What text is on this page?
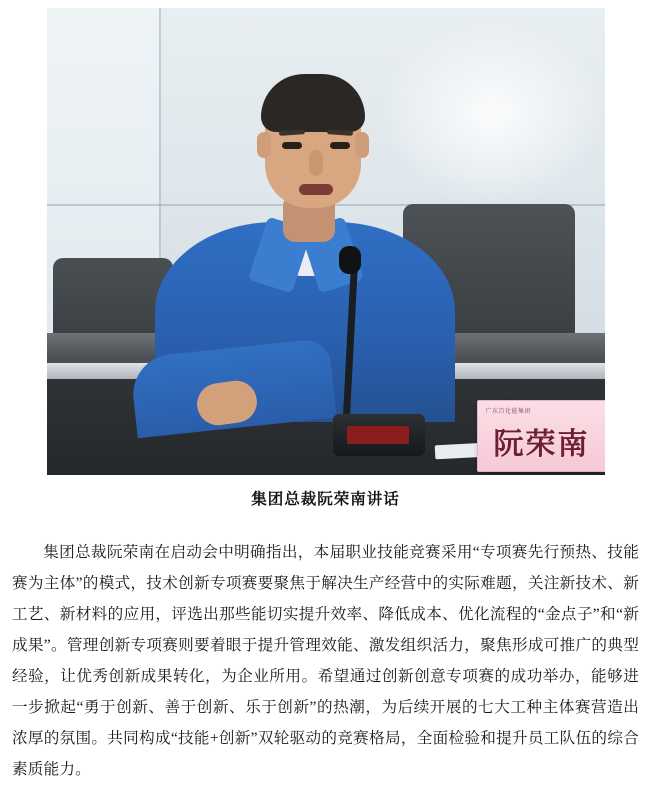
广东百化能集团
阮荣南
集团总裁阮荣南讲话

集团总裁阮荣南在启动会中明确指出，本届职业技能竞赛采用“专项赛先行预热、技能赛为主体”的模式，技术创新专项赛要聚焦于解决生产经营中的实际难题，关注新技术、新工艺、新材料的应用，评选出那些能切实提升效率、降低成本、优化流程的“金点子”和“新成果”。管理创新专项赛则要着眼于提升管理效能、激发组织活力，聚焦形成可推广的典型经验，让优秀创新成果转化，为企业所用。希望通过创新创意专项赛的成功举办，能够进一步掀起“勇于创新、善于创新、乐于创新”的热潮，为后续开展的七大工种主体赛营造出浓厚的氛围。共同构成“技能+创新”双轮驱动的竞赛格局，全面检验和提升员工队伍的综合素质能力。
